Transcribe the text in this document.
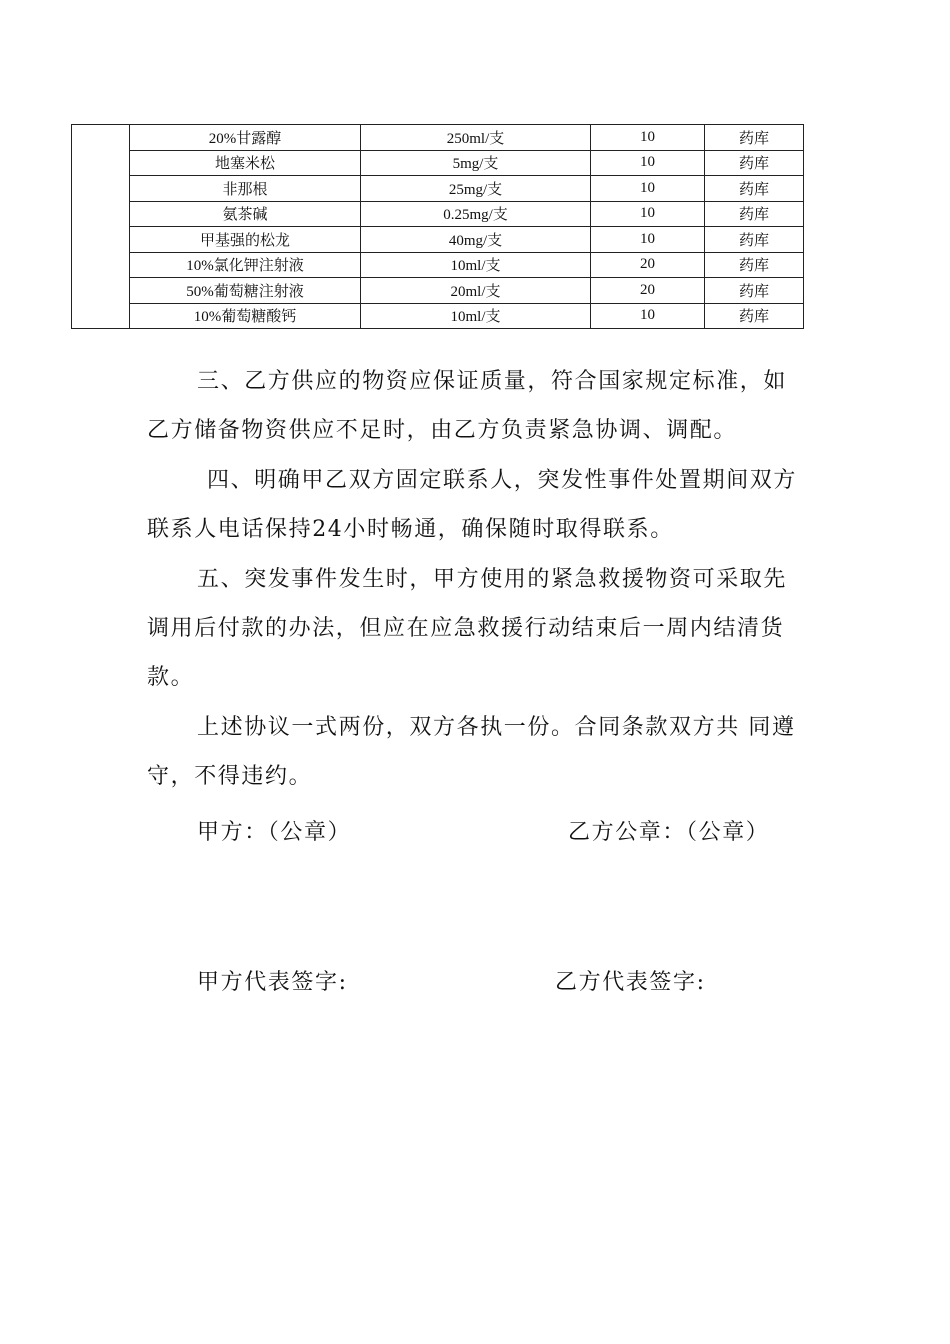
	20%甘露醇	250ml/支	10	药库
	地塞米松	5mg/支	10	药库
	非那根	25mg/支	10	药库
	氨茶碱	0.25mg/支	10	药库
	甲基强的松龙	40mg/支	10	药库
	10%氯化钾注射液	10ml/支	20	药库
	50%葡萄糖注射液	20ml/支	20	药库
	10%葡萄糖酸钙	10ml/支	10	药库

三、乙方供应的物资应保证质量，符合国家规定标准，如乙方储备物资供应不足时，由乙方负责紧急协调、调配。

四、明确甲乙双方固定联系人，突发性事件处置期间双方联系人电话保持24小时畅通，确保随时取得联系。

五、突发事件发生时，甲方使用的紧急救援物资可采取先调用后付款的办法，但应在应急救援行动结束后一周内结清货款。

上述协议一式两份，双方各执一份。合同条款双方共 同遵守，不得违约。

甲方：（公章）	乙方公章：（公章）

甲方代表签字:	乙方代表签字:
